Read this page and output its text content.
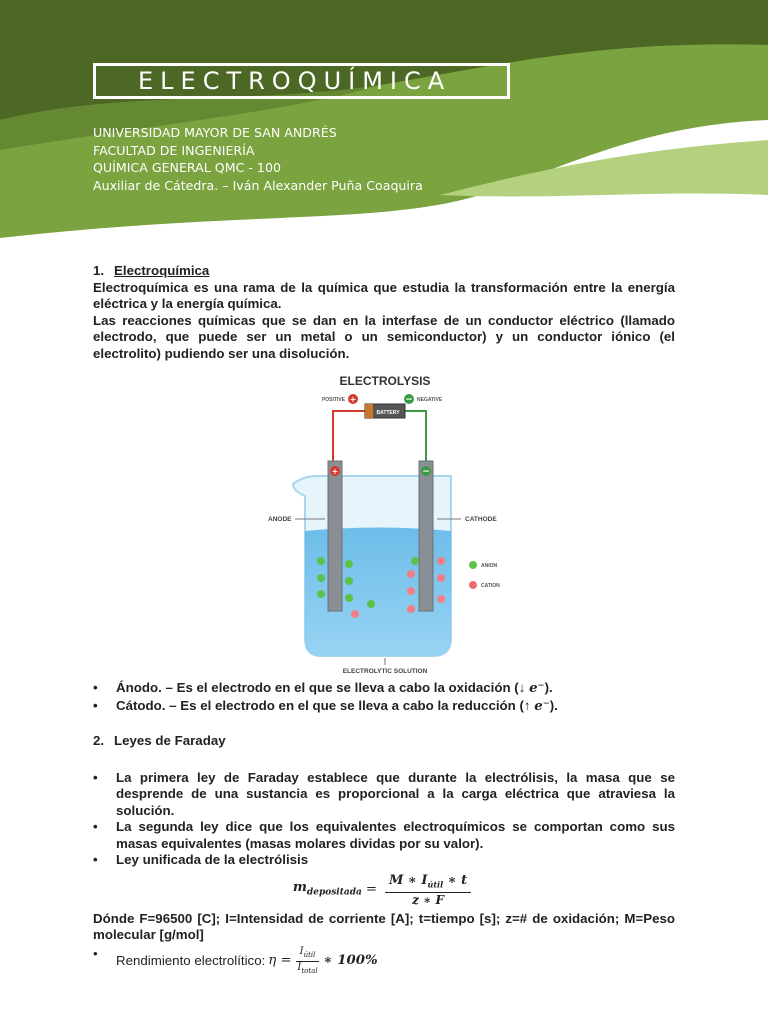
ELECTROQUÍMICA
UNIVERSIDAD MAYOR DE SAN ANDRÉS
FACULTAD DE INGENIERÍA
QUÍMICA GENERAL QMC - 100
Auxiliar de Cátedra. – Iván Alexander Puña Coaquira

1. Electroquímica

Electroquímica es una rama de la química que estudia la transformación entre la energía eléctrica y la energía química.

Las reacciones químicas que se dan en la interfase de un conductor eléctrico (llamado electrodo, que puede ser un metal o un semiconductor) y un conductor iónico (el electrolito) pudiendo ser una disolución.

ELECTROLYSIS
BATTERY
+
POSITIVE	− NEGATIVE
+	−
ANODE	CATHODE
ANION
CATION
ELECTROLYTIC SOLUTION
• Ánodo. – Es el electrodo en el que se lleva a cabo la oxidación (↓ e⁻).
• Cátodo. – Es el electrodo en el que se lleva a cabo la reducción (↑ e⁻).

2. Leyes de Faraday

• La primera ley de Faraday establece que durante la electrólisis, la masa que se desprende de una sustancia es proporcional a la carga eléctrica que atraviesa la solución.
• La segunda ley dice que los equivalentes electroquímicos se comportan como sus masas equivalentes (masas molares dividas por su valor).
• Ley unificada de la electrólisis
$m_{depositada} = \frac{M ∗ I_{útil} ∗ t}{z ∗ F}$

Dónde F=96500 [C]; I=Intensidad de corriente [A]; t=tiempo [s]; z=# de oxidación; M=Peso molecular [g/mol]

• Rendimiento electrolítico: $\eta = \frac{I_{útil}}{I_{total}}$ ∗ 100%
